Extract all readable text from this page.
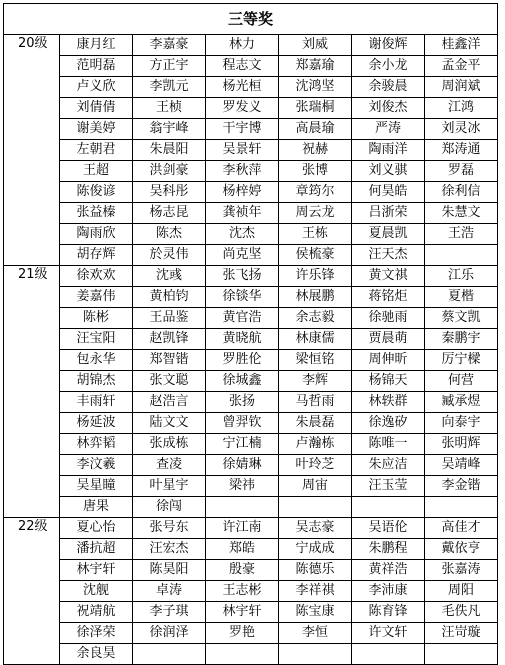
三等奖						
20级	康月红	李嘉豪	林力	刘威	谢俊辉	桂鑫洋
	范明磊	方正宇	程志文	郑嘉瑜	余小龙	孟金平
	卢义欣	李凯元	杨光桓	沈鸿坚	余骏晨	周润斌
	刘倩倩	王桢	罗发义	张瑞桐	刘俊杰	江鸿
	谢美婷	翁宇峰	干宇博	高晨瑜	严涛	刘灵冰
	左朝君	朱晨阳	吴景轩	祝赫	陶雨洋	郑涛通
	王超	洪剑豪	李秋萍	张博	刘义骐	罗磊
	陈俊谚	吴科彤	杨梓婷	章筠尔	何昊皓	徐利信
	张益榛	杨志昆	龚祯年	周云龙	吕浙荣	朱慧文
	陶雨欣	陈杰	沈杰	王栋	夏晨凯	王浩
	胡存辉	於灵伟	尚克坚	侯梳豪	汪天杰	
21级	徐欢欢	沈彧	张飞扬	许乐锋	黄文祺	江乐
	姜嘉伟	黄柏钧	徐锬华	林展鹏	蒋铭炬	夏楷
	陈彬	王品鉴	黄官浩	余志毅	徐驰雨	蔡文凯
	汪宝阳	赵凯锋	黄晓航	林康儒	贾晨萌	秦鹏宇
	包永华	郑智锴	罗胜伦	梁恒铭	周伸昕	厉宁樑
	胡锦杰	张文聪	徐城鑫	李辉	杨锦天	何营
	丰雨轩	赵浩言	张扬	马哲雨	林轶群	臧承煜
	杨延波	陆文文	曾羿钦	朱晨磊	徐逸矽	向泰宇
	林弈韬	张成栋	宁江楠	卢瀚栋	陈唯一	张明辉
	李汶羲	查凌	徐婧琳	叶玲芝	朱应洁	吴靖峰
	吴星瞳	叶星宇	梁祎	周宙	汪玉莹	李金锴
	唐果	徐闯				
22级	夏心怡	张号东	许江南	吴志豪	吴语伦	高佳才
	潘抗超	汪宏杰	郑皓	宁成成	朱鹏程	戴依亨
	林宇轩	陈昊阳	殷豪	陈德乐	黄祥浩	张嘉涛
	沈舰	卓涛	王志彬	李祥祺	李沛康	周阳
	祝靖航	李子琪	林宇轩	陈宝康	陈育锋	毛佚凡
	徐泽荣	徐润泽	罗艳	李恒	许文轩	汪岢璇
	余良昊					
